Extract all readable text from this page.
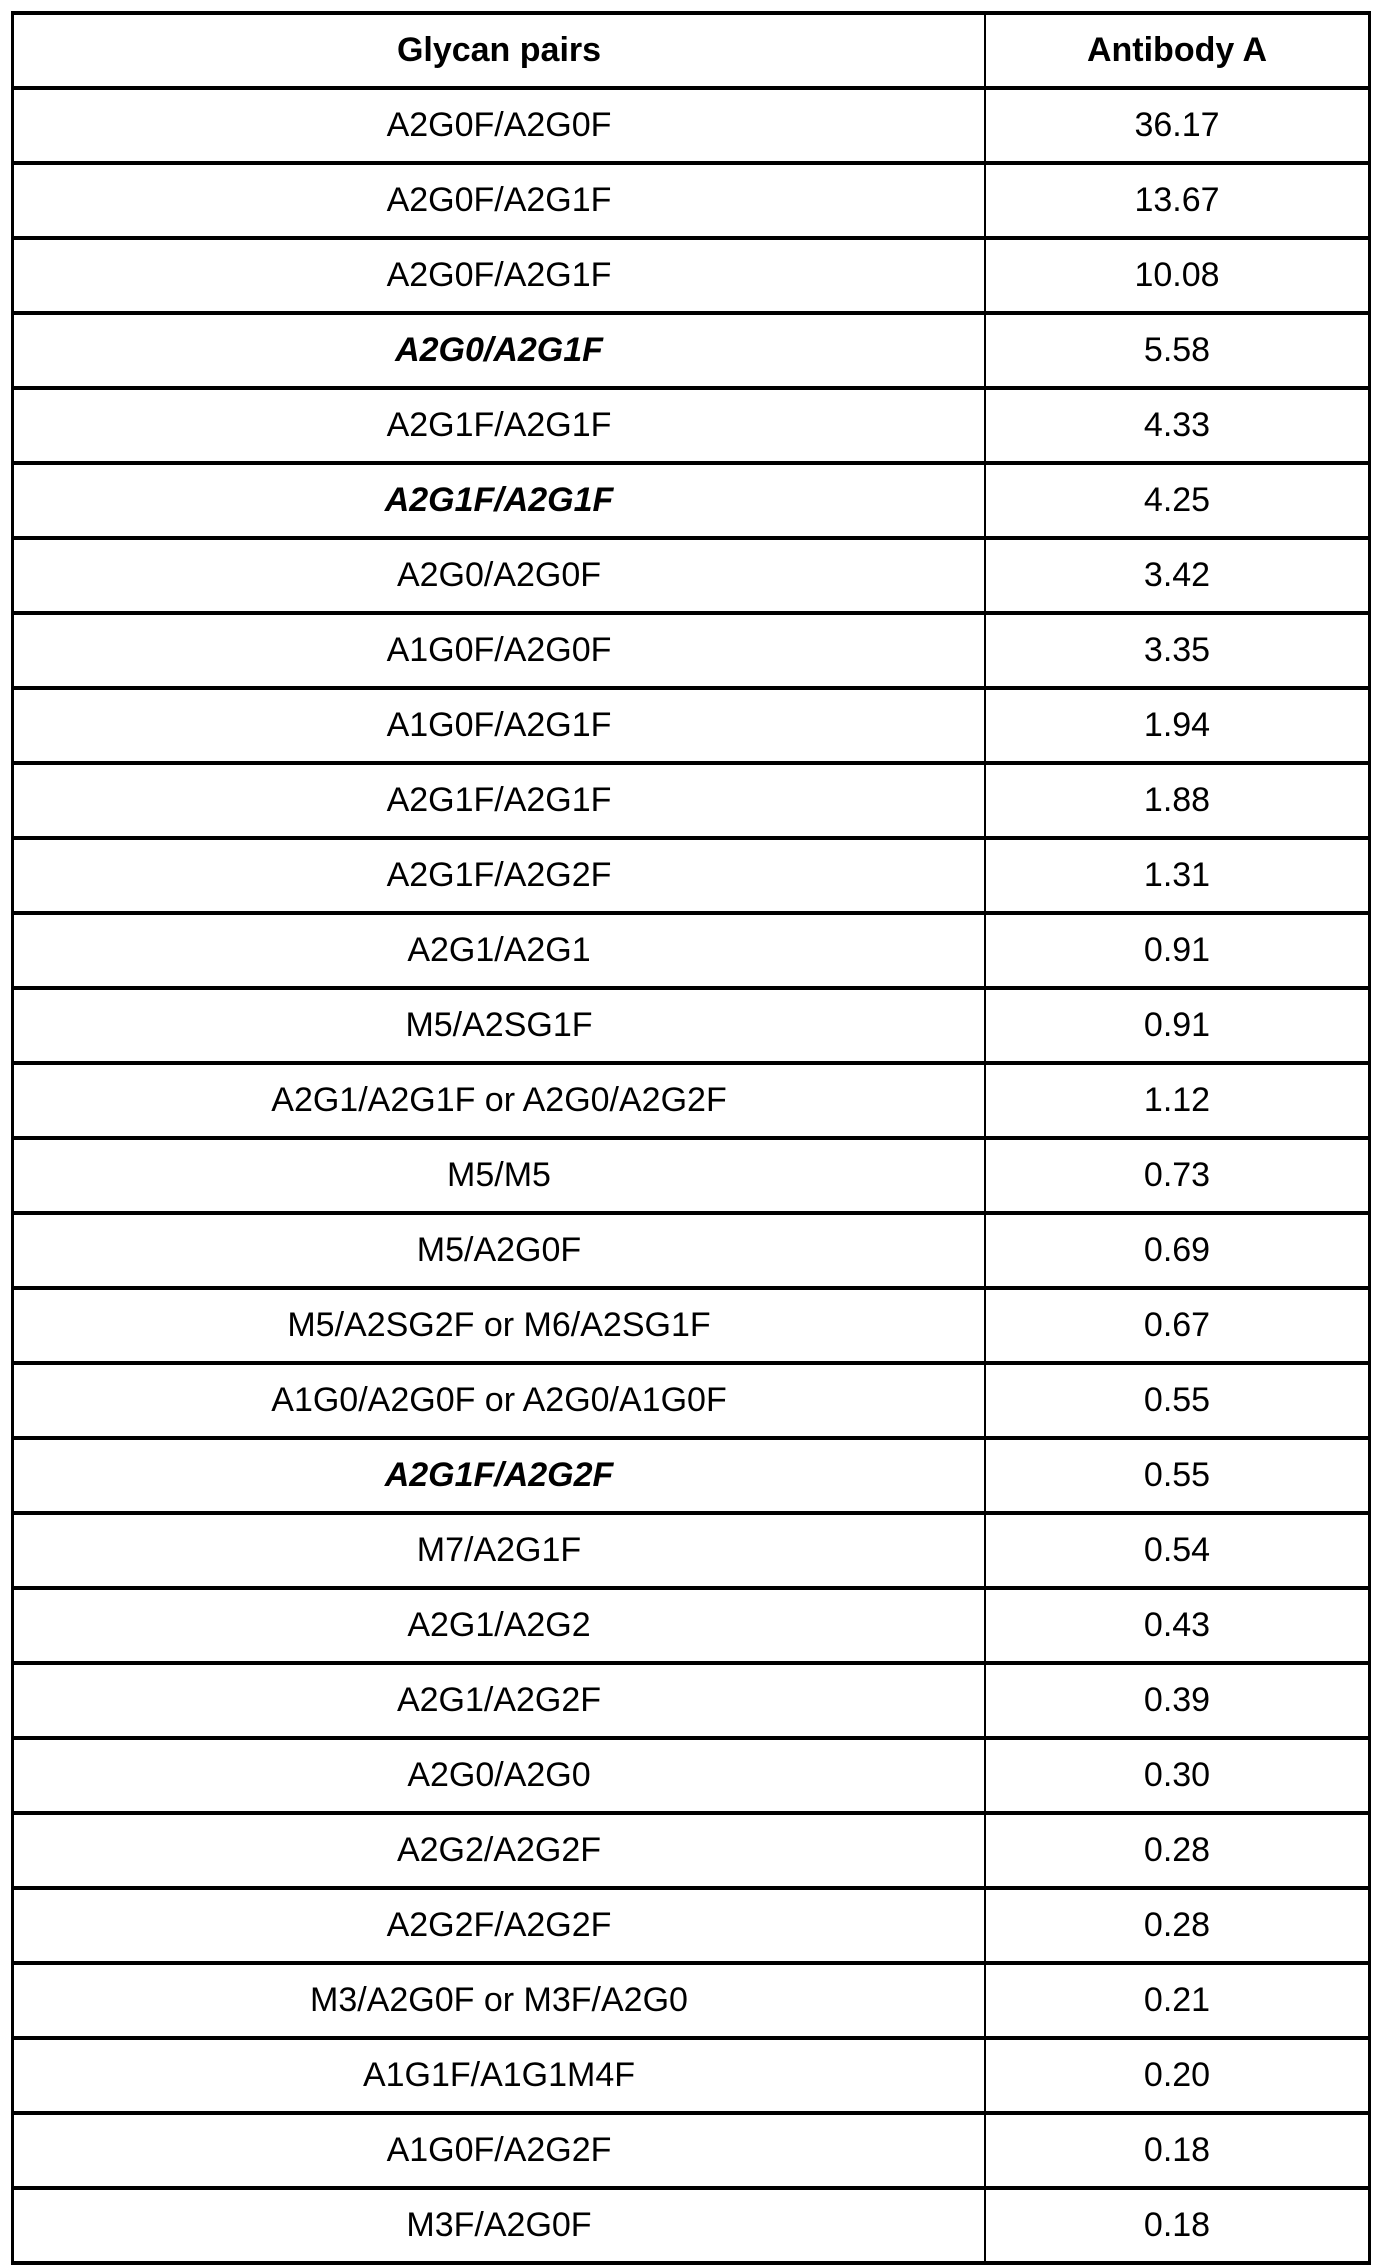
Glycan pairs	Antibody A
A2G0F/A2G0F	36.17
A2G0F/A2G1F	13.67
A2G0F/A2G1F	10.08
A2G0/A2G1F	5.58
A2G1F/A2G1F	4.33
A2G1F/A2G1F	4.25
A2G0/A2G0F	3.42
A1G0F/A2G0F	3.35
A1G0F/A2G1F	1.94
A2G1F/A2G1F	1.88
A2G1F/A2G2F	1.31
A2G1/A2G1	0.91
M5/A2SG1F	0.91
A2G1/A2G1F or A2G0/A2G2F	1.12
M5/M5	0.73
M5/A2G0F	0.69
M5/A2SG2F or M6/A2SG1F	0.67
A1G0/A2G0F or A2G0/A1G0F	0.55
A2G1F/A2G2F	0.55
M7/A2G1F	0.54
A2G1/A2G2	0.43
A2G1/A2G2F	0.39
A2G0/A2G0	0.30
A2G2/A2G2F	0.28
A2G2F/A2G2F	0.28
M3/A2G0F or M3F/A2G0	0.21
A1G1F/A1G1M4F	0.20
A1G0F/A2G2F	0.18
M3F/A2G0F	0.18
